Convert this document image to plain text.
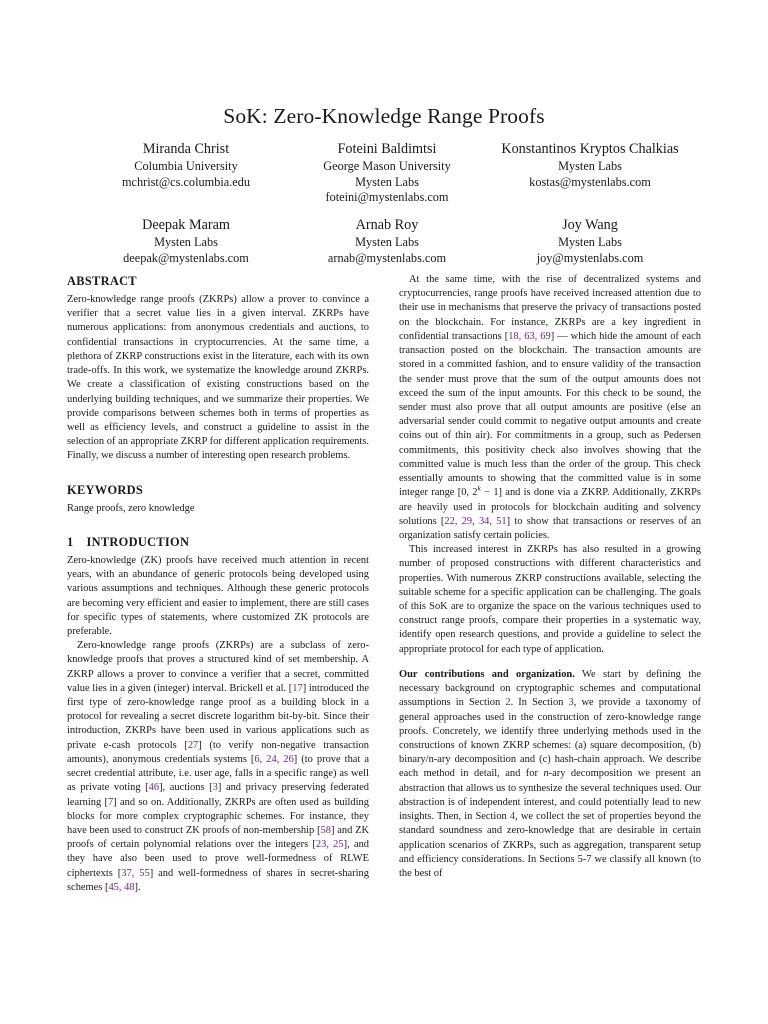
SoK: Zero-Knowledge Range Proofs
Miranda Christ
Columbia University
mchrist@cs.columbia.edu
Foteini Baldimtsi
George Mason University
Mysten Labs
foteini@mystenlabs.com
Konstantinos Kryptos Chalkias
Mysten Labs
kostas@mystenlabs.com
Deepak Maram
Mysten Labs
deepak@mystenlabs.com
Arnab Roy
Mysten Labs
arnab@mystenlabs.com
Joy Wang
Mysten Labs
joy@mystenlabs.com
ABSTRACT

Zero-knowledge range proofs (ZKRPs) allow a prover to convince a verifier that a secret value lies in a given interval. ZKRPs have numerous applications: from anonymous credentials and auctions, to confidential transactions in cryptocurrencies. At the same time, a plethora of ZKRP constructions exist in the literature, each with its own trade-offs. In this work, we systematize the knowledge around ZKRPs. We create a classification of existing constructions based on the underlying building techniques, and we summarize their properties. We provide comparisons between schemes both in terms of properties as well as efficiency levels, and construct a guideline to assist in the selection of an appropriate ZKRP for different application requirements. Finally, we discuss a number of interesting open research problems.

KEYWORDS

Range proofs, zero knowledge

1 INTRODUCTION

Zero-knowledge (ZK) proofs have received much attention in recent years, with an abundance of generic protocols being developed using various assumptions and techniques. Although these generic protocols are becoming very efficient and easier to implement, there are still cases for specific types of statements, where customized ZK protocols are preferable.

Zero-knowledge range proofs (ZKRPs) are a subclass of zero-knowledge proofs that proves a structured kind of set membership. A ZKRP allows a prover to convince a verifier that a secret, committed value lies in a given (integer) interval. Brickell et al. [17] introduced the first type of zero-knowledge range proof as a building block in a protocol for revealing a secret discrete logarithm bit-by-bit. Since their introduction, ZKRPs have been used in various applications such as private e-cash protocols [27] (to verify non-negative transaction amounts), anonymous credentials systems [6, 24, 26] (to prove that a secret credential attribute, i.e. user age, falls in a specific range) as well as private voting [46], auctions [3] and privacy preserving federated learning [7] and so on. Additionally, ZKRPs are often used as building blocks for more complex cryptographic schemes. For instance, they have been used to construct ZK proofs of non-membership [58] and ZK proofs of certain polynomial relations over the integers [23, 25], and they have also been used to prove well-formedness of RLWE ciphertexts [37, 55] and well-formedness of shares in secret-sharing schemes [45, 48].

At the same time, with the rise of decentralized systems and cryptocurrencies, range proofs have received increased attention due to their use in mechanisms that preserve the privacy of transactions posted on the blockchain. For instance, ZKRPs are a key ingredient in confidential transactions [18, 63, 69] — which hide the amount of each transaction posted on the blockchain. The transaction amounts are stored in a committed fashion, and to ensure validity of the transaction the sender must prove that the sum of the output amounts does not exceed the sum of the input amounts. For this check to be sound, the sender must also prove that all output amounts are positive (else an adversarial sender could commit to negative output amounts and create coins out of thin air). For commitments in a group, such as Pedersen commitments, this positivity check also involves showing that the committed value is much less than the order of the group. This check essentially amounts to showing that the committed value is in some integer range [0, $2^k - 1$] and is done via a ZKRP. Additionally, ZKRPs are heavily used in protocols for blockchain auditing and solvency solutions [22, 29, 34, 51] to show that transactions or reserves of an organization satisfy certain policies.

This increased interest in ZKRPs has also resulted in a growing number of proposed constructions with different characteristics and properties. With numerous ZKRP constructions available, selecting the suitable scheme for a specific application can be challenging. The goals of this SoK are to organize the space on the various techniques used to construct range proofs, compare their properties in a systematic way, identify open research questions, and provide a guideline to select the appropriate protocol for each type of application.

Our contributions and organization. We start by defining the necessary background on cryptographic schemes and computational assumptions in Section 2. In Section 3, we provide a taxonomy of general approaches used in the construction of zero-knowledge range proofs. Concretely, we identify three underlying methods used in the constructions of known ZKRP schemes: (a) square decomposition, (b) binary/n-ary decomposition and (c) hash-chain approach. We describe each method in detail, and for n-ary decomposition we present an abstraction that allows us to synthesize the several techniques used. Our abstraction is of independent interest, and could potentially lead to new insights. Then, in Section 4, we collect the set of properties beyond the standard soundness and zero-knowledge that are desirable in certain application scenarios of ZKRPs, such as aggregation, transparent setup and efficiency considerations. In Sections 5-7 we classify all known (to the best of
